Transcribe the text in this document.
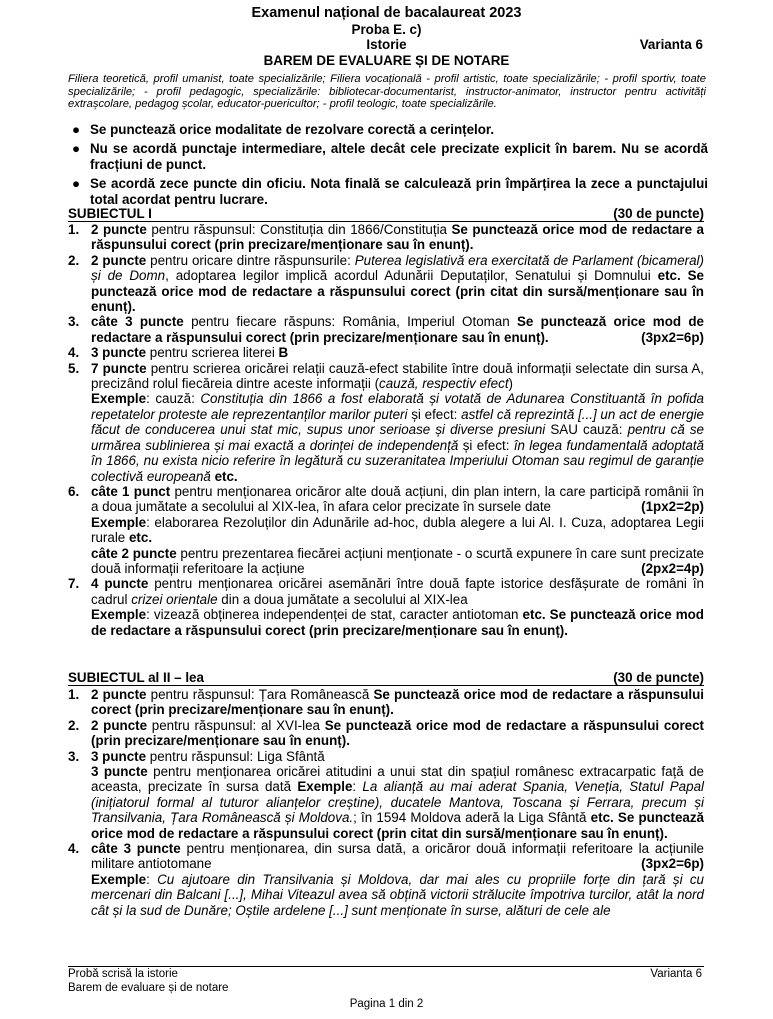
Examenul național de bacalaureat 2023
Proba E. c)
Istorie	Varianta 6
BAREM DE EVALUARE ȘI DE NOTARE
Filiera teoretică, profil umanist, toate specializările; Filiera vocațională - profil artistic, toate specializările; - profil sportiv, toate specializările; - profil pedagogic, specializările: bibliotecar-documentarist, instructor-animator, instructor pentru activități extrașcolare, pedagog școlar, educator-puericultor; - profil teologic, toate specializările.
● Se punctează orice modalitate de rezolvare corectă a cerințelor.
● Nu se acordă punctaje intermediare, altele decât cele precizate explicit în barem. Nu se acordă fracțiuni de punct.
● Se acordă zece puncte din oficiu. Nota finală se calculează prin împărțirea la zece a punctajului total acordat pentru lucrare.
SUBIECTUL I	(30 de puncte)
1. 2 puncte pentru răspunsul: Constituția din 1866/Constituția Se punctează orice mod de redactare a răspunsului corect (prin precizare/menționare sau în enunț).
2. 2 puncte pentru oricare dintre răspunsurile: Puterea legislativă era exercitată de Parlament (bicameral) și de Domn, adoptarea legilor implică acordul Adunării Deputaților, Senatului și Domnului etc. Se punctează orice mod de redactare a răspunsului corect (prin citat din sursă/menționare sau în enunț).
3. câte 3 puncte pentru fiecare răspuns: România, Imperiul Otoman Se punctează orice mod de redactare a răspunsului corect (prin precizare/menționare sau în enunț).	(3px2=6p)
4. 3 puncte pentru scrierea literei B
5. 7 puncte pentru scrierea oricărei relații cauză-efect stabilite între două informații selectate din sursa A, precizând rolul fiecăreia dintre aceste informații (cauză, respectiv efect)
Exemple: cauză: Constituția din 1866 a fost elaborată și votată de Adunarea Constituantă în pofida repetatelor proteste ale reprezentanților marilor puteri și efect: astfel că reprezintă [...] un act de energie făcut de conducerea unui stat mic, supus unor serioase și diverse presiuni SAU cauză: pentru că se urmărea sublinierea și mai exactă a dorinței de independență și efect: în legea fundamentală adoptată în 1866, nu exista nicio referire în legătură cu suzeranitatea Imperiului Otoman sau regimul de garanție colectivă europeană etc.
6. câte 1 punct pentru menționarea oricăror alte două acțiuni, din plan intern, la care participă românii în a doua jumătate a secolului al XIX-lea, în afara celor precizate în sursele date	(1px2=2p)

Exemple: elaborarea Rezoluților din Adunările ad-hoc, dubla alegere a lui Al. I. Cuza, adoptarea Legii rurale etc.
câte 2 puncte pentru prezentarea fiecărei acțiuni menționate - o scurtă expunere în care sunt precizate două informații referitoare la acțiune	(2px2=4p)
7. 4 puncte pentru menționarea oricărei asemănări între două fapte istorice desfășurate de români în cadrul crizei orientale din a doua jumătate a secolului al XIX-lea
Exemple: vizează obținerea independenței de stat, caracter antiotoman etc. Se punctează orice mod de redactare a răspunsului corect (prin precizare/menționare sau în enunț).
SUBIECTUL al II – lea	(30 de puncte)
1. 2 puncte pentru răspunsul: Țara Românească Se punctează orice mod de redactare a răspunsului corect (prin precizare/menționare sau în enunț).
2. 2 puncte pentru răspunsul: al XVI-lea Se punctează orice mod de redactare a răspunsului corect (prin precizare/menționare sau în enunț).
3. 3 puncte pentru răspunsul: Liga Sfântă
3 puncte pentru menționarea oricărei atitudini a unui stat din spațiul românesc extracarpatic față de aceasta, precizate în sursa dată Exemple: La alianță au mai aderat Spania, Veneția, Statul Papal (inițiatorul formal al tuturor alianțelor creștine), ducatele Mantova, Toscana și Ferrara, precum și Transilvania, Țara Românească și Moldova.; în 1594 Moldova aderă la Liga Sfântă etc. Se punctează orice mod de redactare a răspunsului corect (prin citat din sursă/menționare sau în enunț).
4. câte 3 puncte pentru menționarea, din sursa dată, a oricăror două informații referitoare la acțiunile militare antiotomane	(3px2=6p)

Exemple: Cu ajutoare din Transilvania și Moldova, dar mai ales cu propriile forțe din țară și cu mercenari din Balcani [...], Mihai Viteazul avea să obțină victorii strălucite împotriva turcilor, atât la nord cât și la sud de Dunăre; Oștile ardelene [...] sunt menționate în surse, alături de cele ale
Probă scrisă la istorie
Barem de evaluare și de notare
Varianta 6
Pagina 1 din 2
